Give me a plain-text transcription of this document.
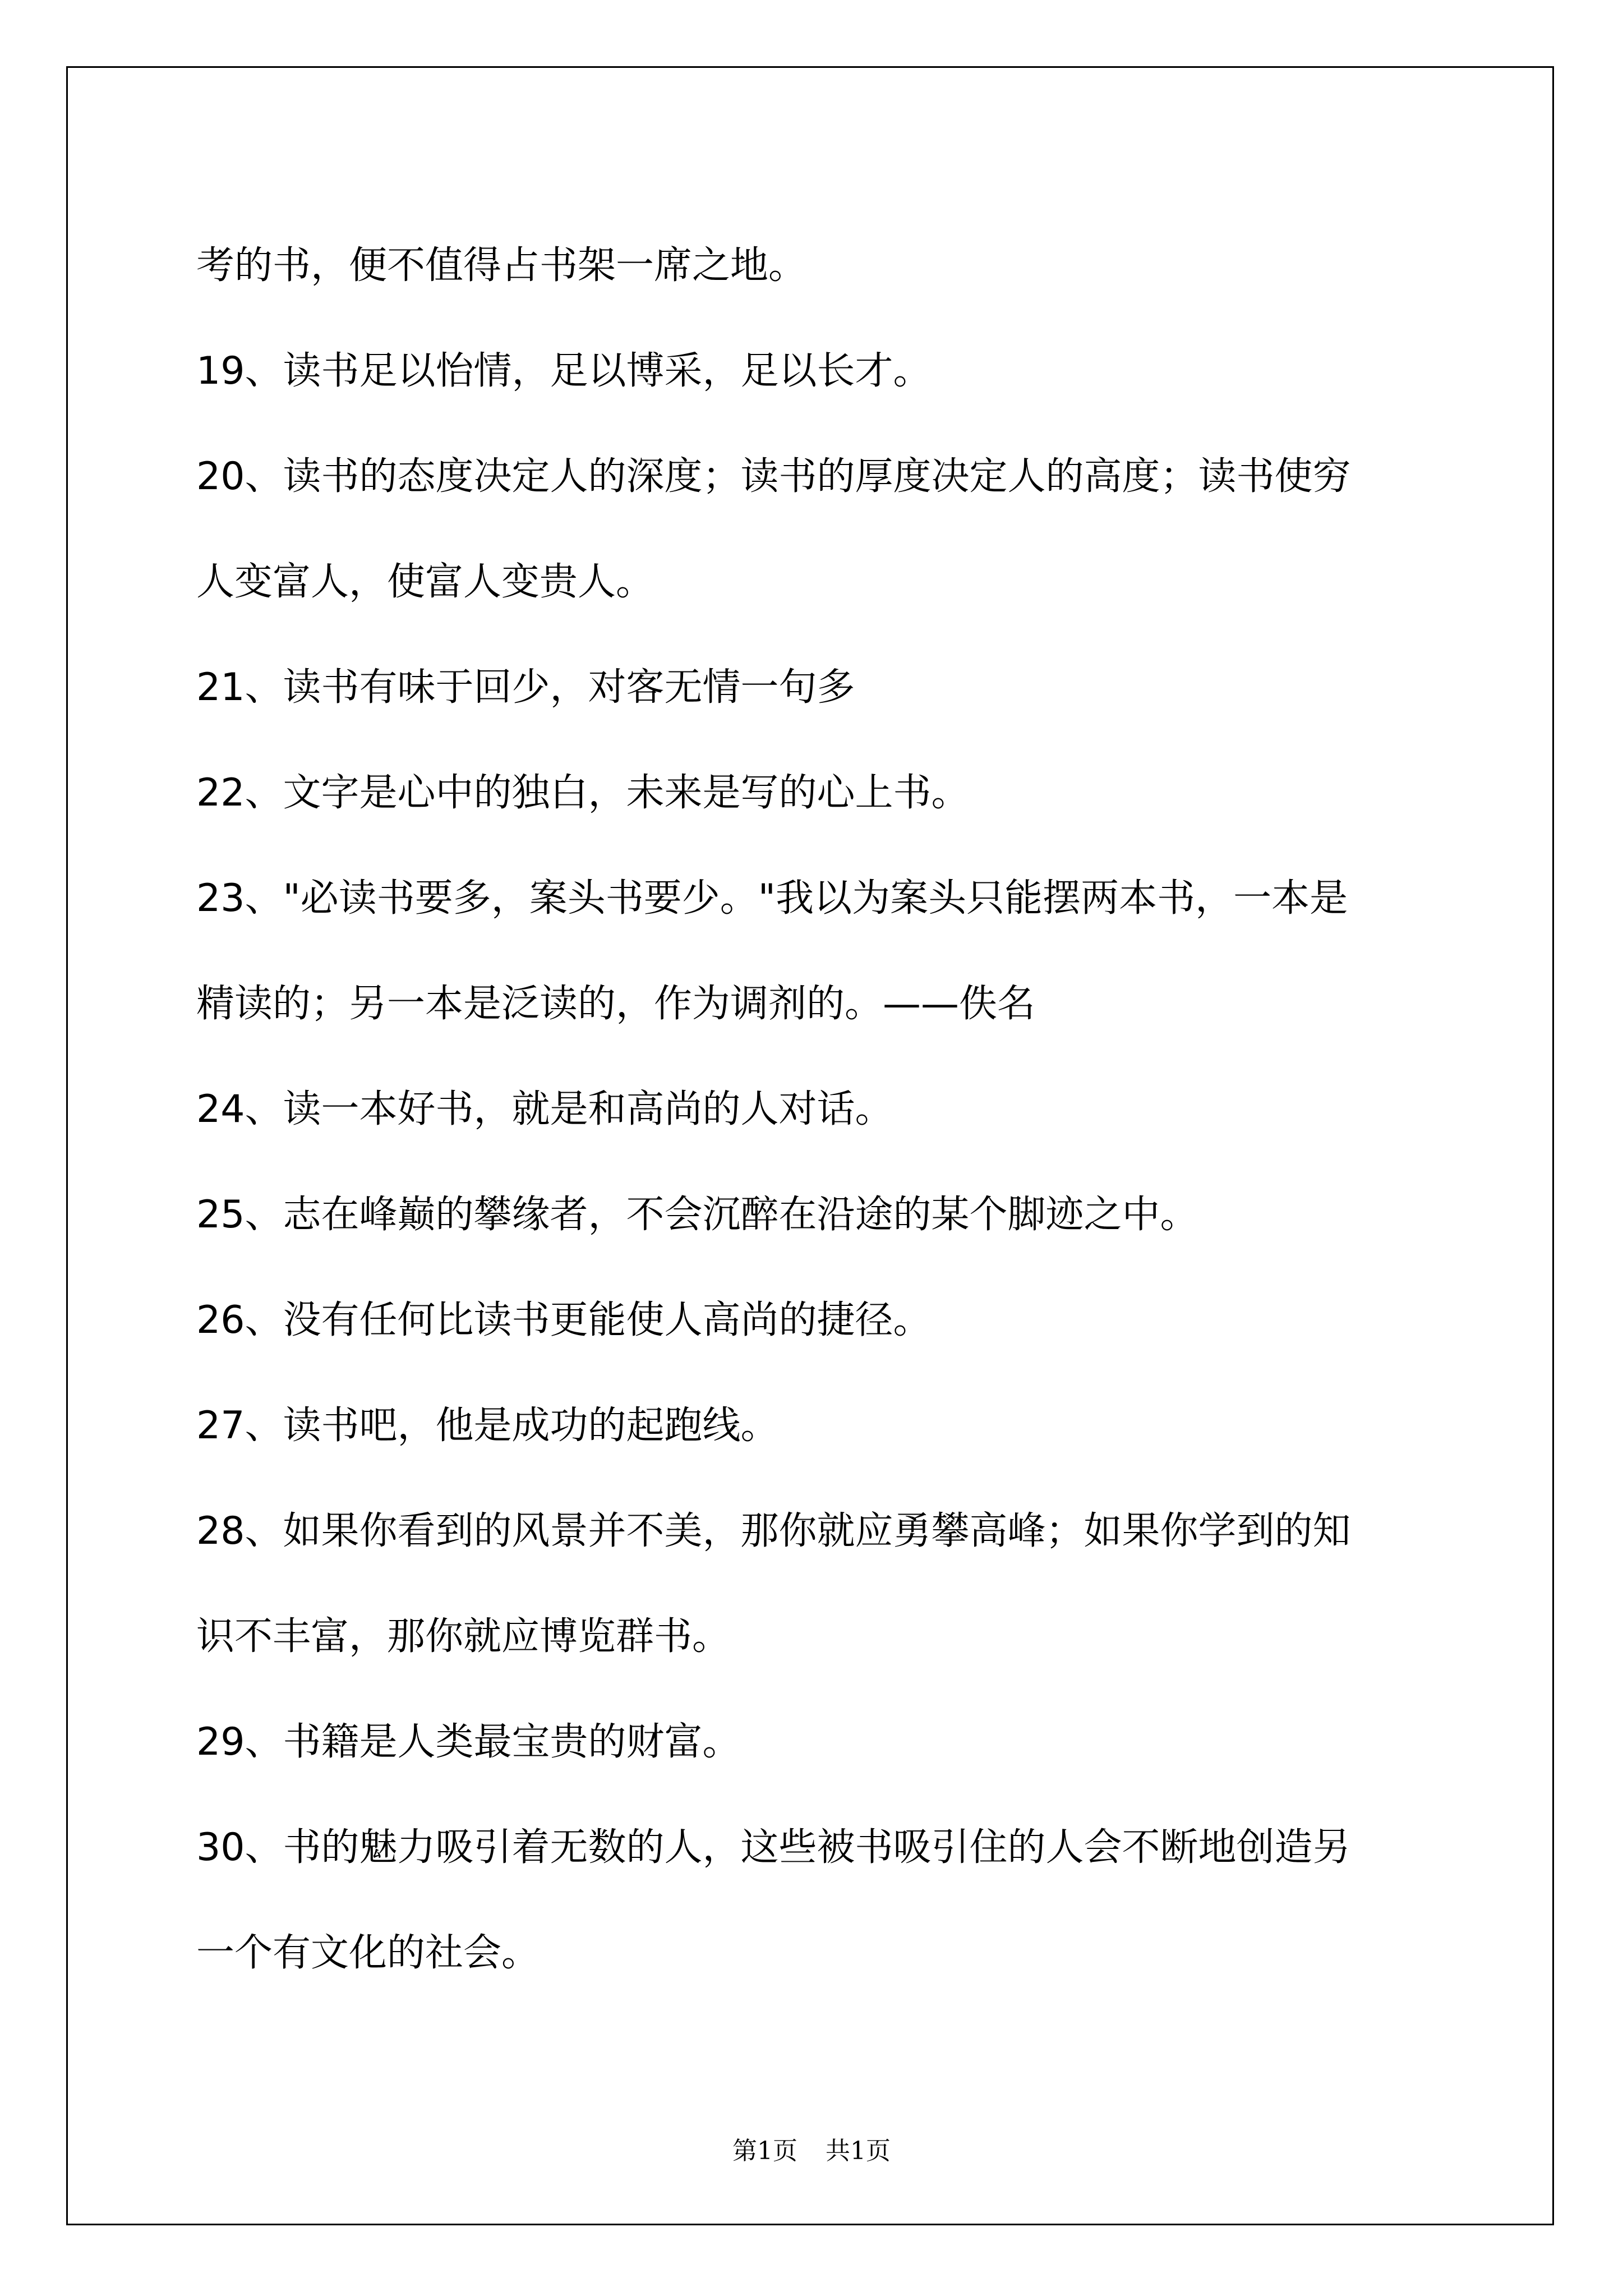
考的书，便不值得占书架一席之地。
19、读书足以怡情，足以博采，足以长才。
20、读书的态度决定人的深度；读书的厚度决定人的高度；读书使穷
人变富人，使富人变贵人。
21、读书有味于回少，对客无情一句多
22、文字是心中的独白，未来是写的心上书。
23、"必读书要多，案头书要少。"我以为案头只能摆两本书，一本是
精读的；另一本是泛读的，作为调剂的。——佚名
24、读一本好书，就是和高尚的人对话。
25、志在峰巅的攀缘者，不会沉醉在沿途的某个脚迹之中。
26、没有任何比读书更能使人高尚的捷径。
27、读书吧，他是成功的起跑线。
28、如果你看到的风景并不美，那你就应勇攀高峰；如果你学到的知
识不丰富，那你就应博览群书。
29、书籍是人类最宝贵的财富。
30、书的魅力吸引着无数的人，这些被书吸引住的人会不断地创造另
一个有文化的社会。
第1页 共1页
